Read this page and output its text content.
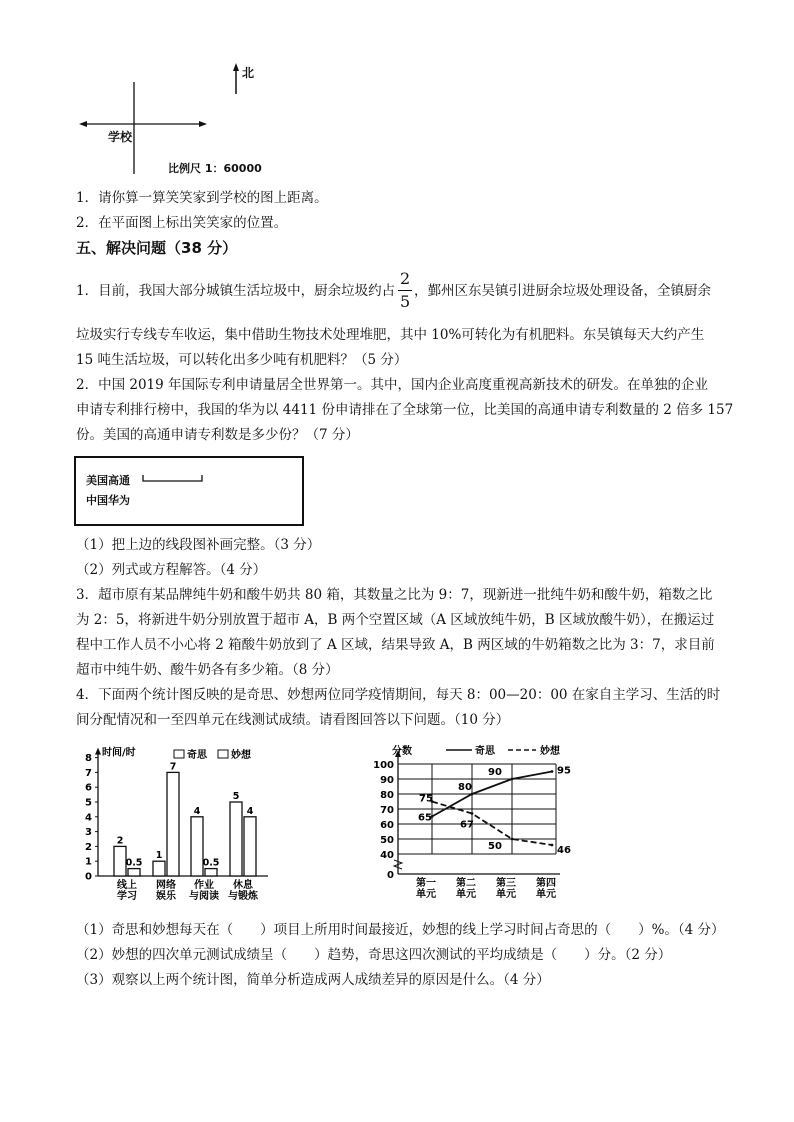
北
学校
比例尺 1：60000
1．请你算一算笑笑家到学校的图上距离。
2．在平面图上标出笑笑家的位置。
五、解决问题（38 分）
1．目前，我国大部分城镇生活垃圾中，厨余垃圾约占
2
5
，鄞州区东吴镇引进厨余垃圾处理设备，全镇厨余
垃圾实行专线专车收运，集中借助生物技术处理堆肥，其中 10%可转化为有机肥料。东吴镇每天大约产生
15 吨生活垃圾，可以转化出多少吨有机肥料？（5 分）
2．中国 2019 年国际专利申请量居全世界第一。其中，国内企业高度重视高新技术的研发。在单独的企业
申请专利排行榜中，我国的华为以 4411 份申请排在了全球第一位，比美国的高通申请专利数量的 2 倍多 157
份。美国的高通申请专利数是多少份？（7 分）
美国高通
中国华为
（1）把上边的线段图补画完整。（3 分）
（2）列式或方程解答。（4 分）
3．超市原有某品牌纯牛奶和酸牛奶共 80 箱，其数量之比为 9：7，现新进一批纯牛奶和酸牛奶，箱数之比
为 2：5，将新进牛奶分别放置于超市 A，B 两个空置区域（A 区域放纯牛奶，B 区域放酸牛奶），在搬运过
程中工作人员不小心将 2 箱酸牛奶放到了 A 区域，结果导致 A，B 两区域的牛奶箱数之比为 3：7，求目前
超市中纯牛奶、酸牛奶各有多少箱。（8 分）
4．下面两个统计图反映的是奇思、妙想两位同学疫情期间，每天 8：00—20：00 在家自主学习、生活的时
间分配情况和一至四单元在线测试成绩。请看图回答以下问题。（10 分）
时间/时
0
1
2
3
4
5
6
7
8	奇思 妙想
2
0.5
线上
学习
1
7
网络
娱乐
4
0.5
作业
与阅读
5
4
休息
与锻炼
分数
100
90
80
70
60
50
40
0
奇思	妙想
65
80
90	95
75
67
50	46
第一
单元
第二
单元
第三
单元
第四
单元
（1）奇思和妙想每天在（　　）项目上所用时间最接近，妙想的线上学习时间占奇思的（　　）%。（4 分）
（2）妙想的四次单元测试成绩呈（　　）趋势，奇思这四次测试的平均成绩是（　　）分。（2 分）
（3）观察以上两个统计图，简单分析造成两人成绩差异的原因是什么。（4 分）
